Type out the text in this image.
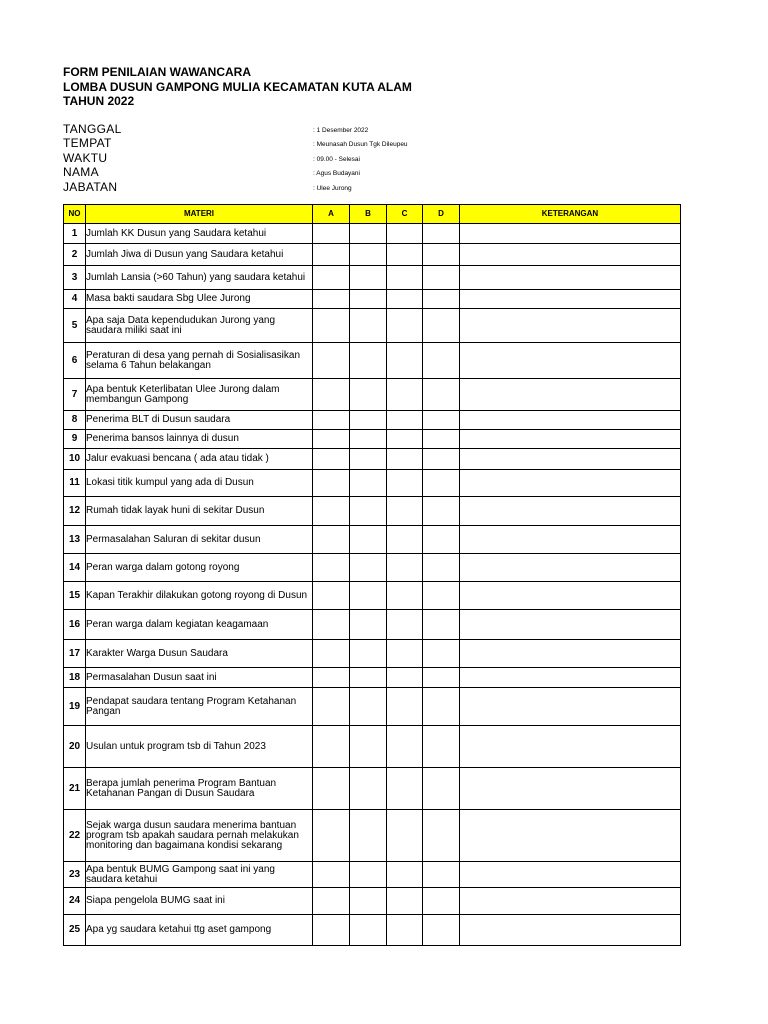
FORM PENILAIAN WAWANCARA
LOMBA DUSUN GAMPONG MULIA KECAMATAN KUTA ALAM
TAHUN 2022
TANGGAL	: 1 Desember 2022
TEMPAT	: Meunasah Dusun Tgk Dileupeu
WAKTU	: 09.00 - Selesai
NAMA	: Agus Budayani
JABATAN	: Ulee Jurong
NO	MATERI	A	B	C	D	KETERANGAN
1	Jumlah KK Dusun yang Saudara ketahui					
2	Jumlah Jiwa di Dusun yang Saudara ketahui					
3	Jumlah Lansia (>60 Tahun) yang saudara ketahui					
4	Masa bakti saudara Sbg Ulee Jurong					
5	Apa saja Data kependudukan Jurong yang saudara miliki saat ini					
6	Peraturan di desa yang pernah di Sosialisasikan selama 6 Tahun belakangan					
7	Apa bentuk Keterlibatan Ulee Jurong dalam membangun Gampong					
8	Penerima BLT di Dusun saudara					
9	Penerima bansos lainnya di dusun					
10	Jalur evakuasi bencana ( ada atau tidak )					
11	Lokasi titik kumpul yang ada di Dusun					
12	Rumah tidak layak huni di sekitar Dusun					
13	Permasalahan Saluran di sekitar dusun					
14	Peran warga dalam gotong royong					
15	Kapan Terakhir dilakukan gotong royong di Dusun					
16	Peran warga dalam kegiatan keagamaan					
17	Karakter Warga Dusun Saudara					
18	Permasalahan Dusun saat ini					
19	Pendapat saudara tentang Program Ketahanan Pangan					
20	Usulan untuk program tsb di Tahun 2023					
21	Berapa jumlah penerima Program Bantuan Ketahanan Pangan di Dusun Saudara					
22	Sejak warga dusun saudara menerima bantuan program tsb apakah saudara pernah melakukan monitoring dan bagaimana kondisi sekarang					
23	Apa bentuk BUMG Gampong saat ini yang saudara ketahui					
24	Siapa pengelola BUMG saat ini					
25	Apa yg saudara ketahui ttg aset gampong					
